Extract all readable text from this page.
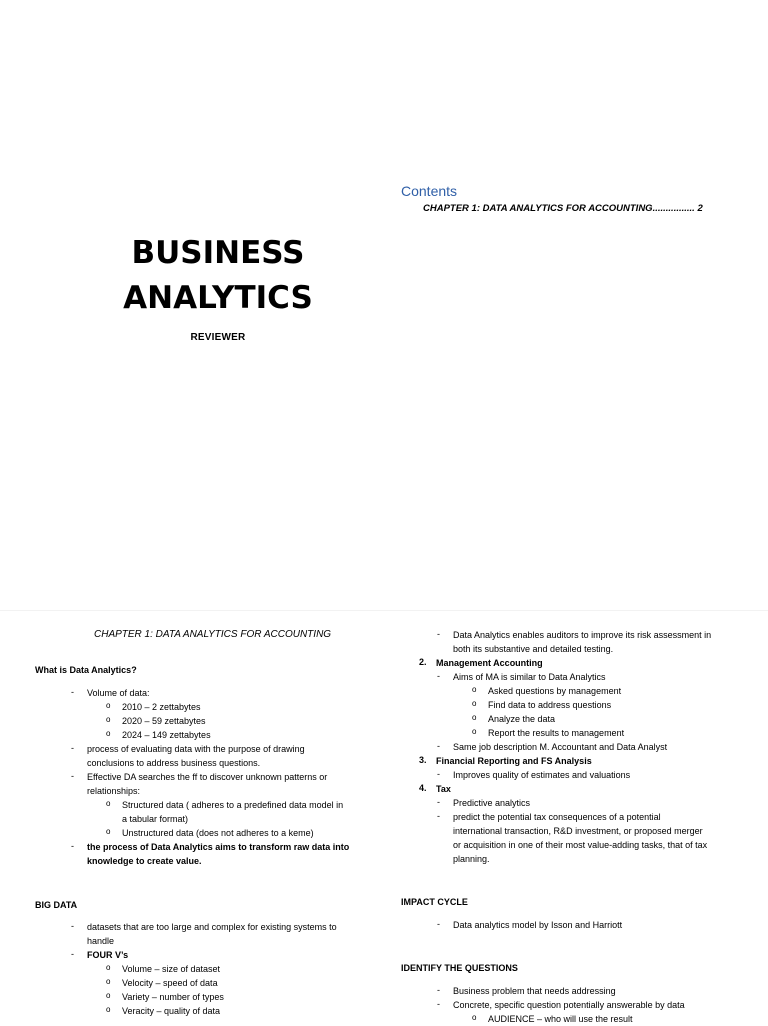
BUSINESS
ANALYTICS
REVIEWER
Contents
CHAPTER 1: DATA ANALYTICS FOR ACCOUNTING................ 2
CHAPTER 1: DATA ANALYTICS FOR ACCOUNTING
What is Data Analytics?
- Volume of data:
o 2010 – 2 zettabytes
o 2020 – 59 zettabytes
o 2024 – 149 zettabytes
- process of evaluating data with the purpose of drawing
conclusions to address business questions.
- Effective DA searches the ff to discover unknown patterns or
relationships:
o Structured data ( adheres to a predefined data model in
a tabular format)
o Unstructured data (does not adheres to a keme)
- the process of Data Analytics aims to transform raw data into
knowledge to create value.
BIG DATA
- datasets that are too large and complex for existing systems to
handle
- FOUR V’s
o Volume – size of dataset
o Velocity – speed of data
o Variety – number of types
o Veracity – quality of data
- Data Analytics enables auditors to improve its risk assessment in
both its substantive and detailed testing.
2. Management Accounting
- Aims of MA is similar to Data Analytics
o Asked questions by management
o Find data to address questions
o Analyze the data
o Report the results to management
- Same job description M. Accountant and Data Analyst
3. Financial Reporting and FS Analysis
- Improves quality of estimates and valuations
4. Tax
- Predictive analytics
- predict the potential tax consequences of a potential
international transaction, R&D investment, or proposed merger
or acquisition in one of their most value-adding tasks, that of tax
planning.
IMPACT CYCLE
- Data analytics model by Isson and Harriott
IDENTIFY THE QUESTIONS
- Business problem that needs addressing
- Concrete, specific question potentially answerable by data
o AUDIENCE – who will use the result
